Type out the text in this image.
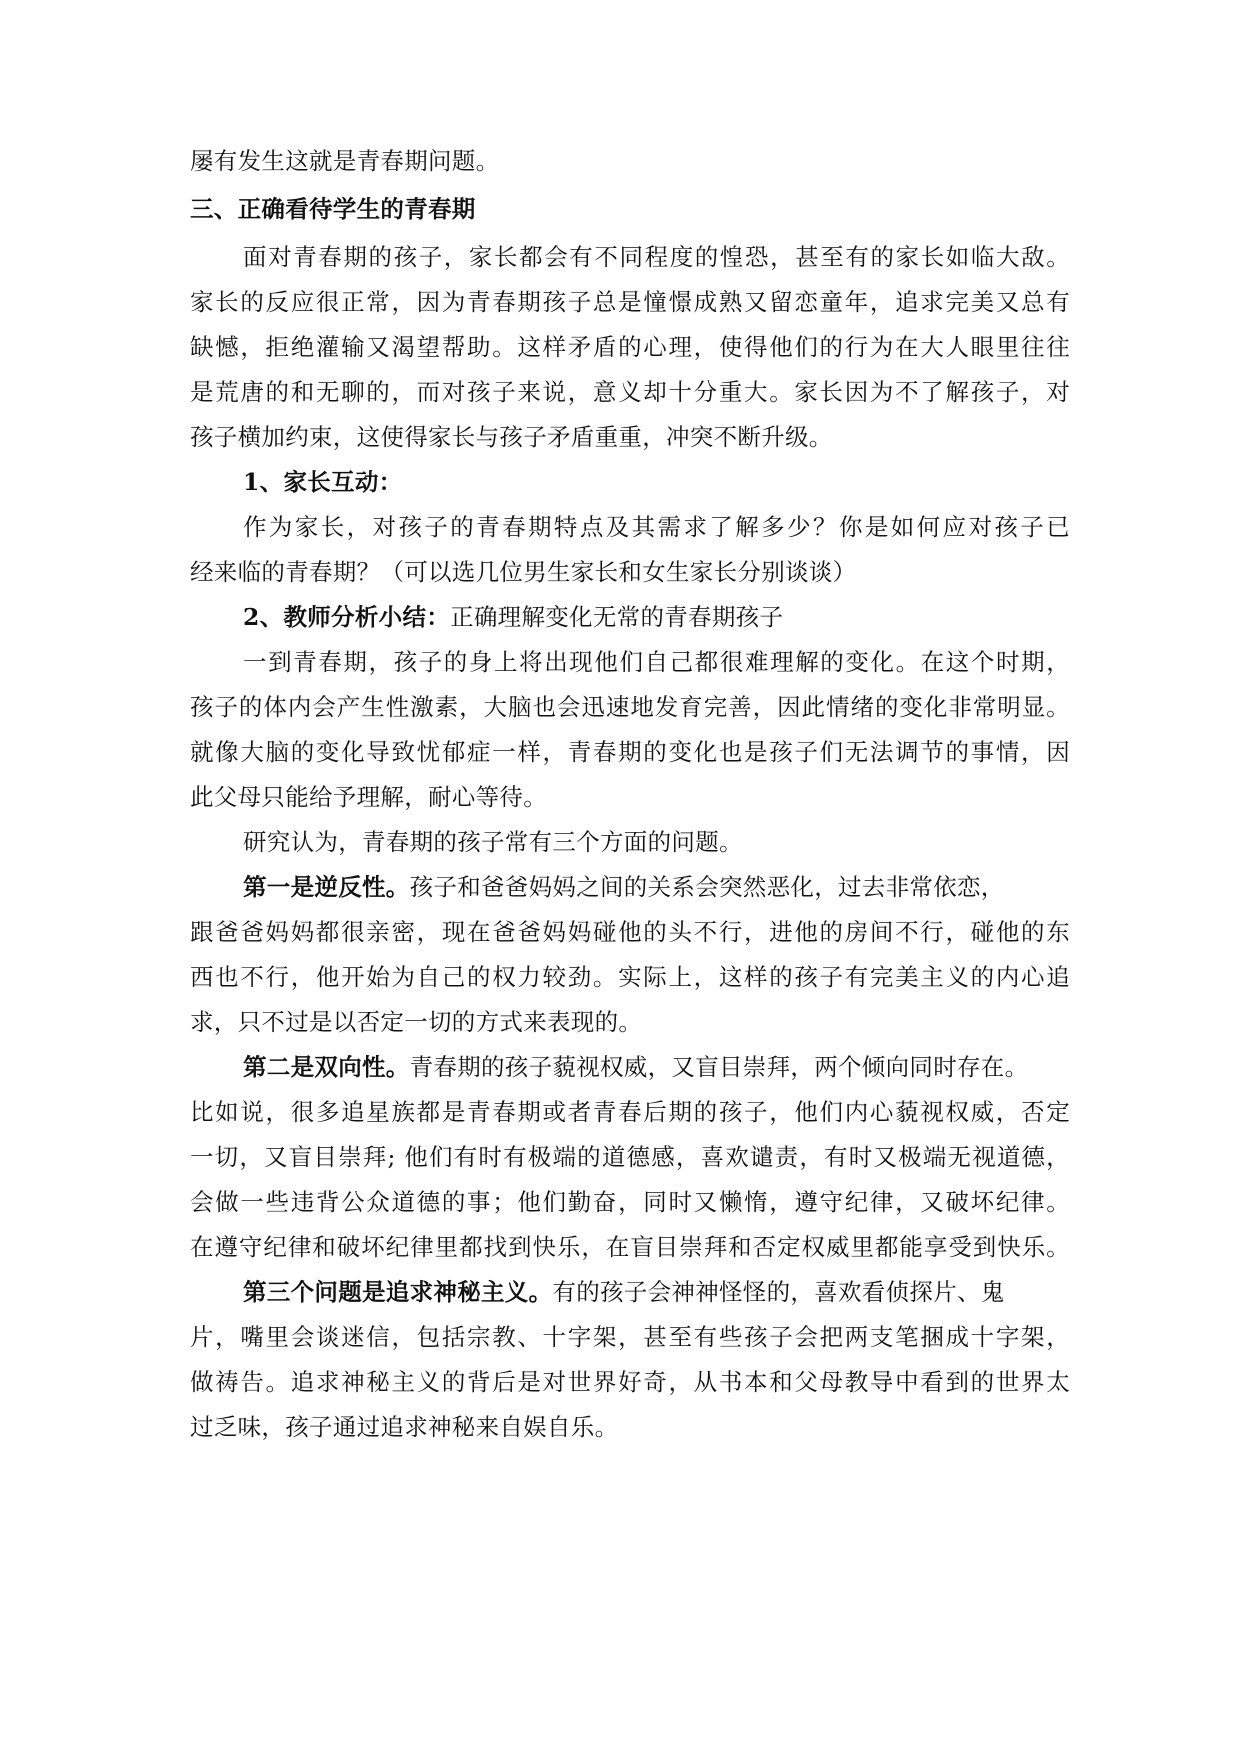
屡有发生这就是青春期问题。
三、正确看待学生的青春期
面对青春期的孩子，家长都会有不同程度的惶恐，甚至有的家长如临大敌。
家长的反应很正常，因为青春期孩子总是憧憬成熟又留恋童年，追求完美又总有
缺憾，拒绝灌输又渴望帮助。这样矛盾的心理，使得他们的行为在大人眼里往往
是荒唐的和无聊的，而对孩子来说，意义却十分重大。家长因为不了解孩子，对
孩子横加约束，这使得家长与孩子矛盾重重，冲突不断升级。
1、家长互动：
作为家长，对孩子的青春期特点及其需求了解多少？你是如何应对孩子已
经来临的青春期？（可以选几位男生家长和女生家长分别谈谈）
2、教师分析小结：正确理解变化无常的青春期孩子
一到青春期，孩子的身上将出现他们自己都很难理解的变化。在这个时期，
孩子的体内会产生性激素，大脑也会迅速地发育完善，因此情绪的变化非常明显。
就像大脑的变化导致忧郁症一样，青春期的变化也是孩子们无法调节的事情，因
此父母只能给予理解，耐心等待。
研究认为，青春期的孩子常有三个方面的问题。
第一是逆反性。孩子和爸爸妈妈之间的关系会突然恶化，过去非常依恋，
跟爸爸妈妈都很亲密，现在爸爸妈妈碰他的头不行，进他的房间不行，碰他的东
西也不行，他开始为自己的权力较劲。实际上，这样的孩子有完美主义的内心追
求，只不过是以否定一切的方式来表现的。
第二是双向性。青春期的孩子藐视权威，又盲目崇拜，两个倾向同时存在。
比如说，很多追星族都是青春期或者青春后期的孩子，他们内心藐视权威，否定
一切，又盲目崇拜; 他们有时有极端的道德感，喜欢谴责，有时又极端无视道德，
会做一些违背公众道德的事；他们勤奋，同时又懒惰，遵守纪律，又破坏纪律。
在遵守纪律和破坏纪律里都找到快乐，在盲目崇拜和否定权威里都能享受到快乐。
第三个问题是追求神秘主义。有的孩子会神神怪怪的，喜欢看侦探片、鬼
片，嘴里会谈迷信，包括宗教、十字架，甚至有些孩子会把两支笔捆成十字架，
做祷告。追求神秘主义的背后是对世界好奇，从书本和父母教导中看到的世界太
过乏味，孩子通过追求神秘来自娱自乐。
